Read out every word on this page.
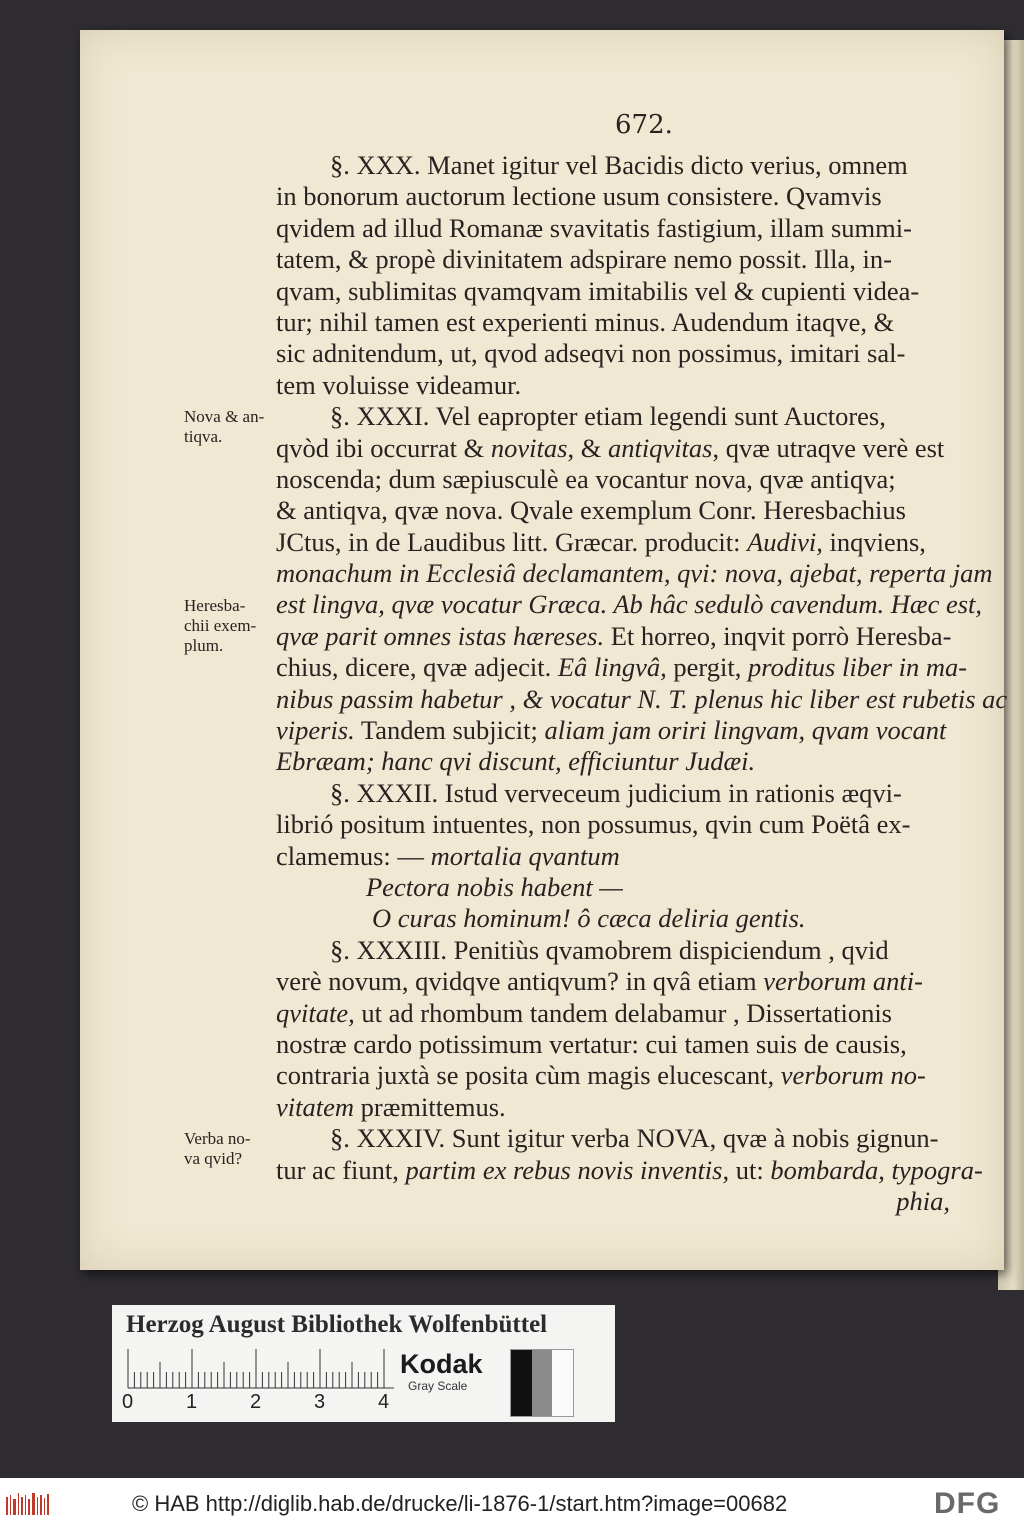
672.
§. XXX. Manet igitur vel Bacidis dicto verius, omnem
in bonorum auctorum lectione usum consistere. Qvamvis
qvidem ad illud Romanæ svavitatis fastigium, illam summi-
tatem, & propè divinitatem adspirare nemo possit. Illa, in-
qvam, sublimitas qvamqvam imitabilis vel & cupienti videa-
tur; nihil tamen est experienti minus. Audendum itaqve, &
sic adnitendum, ut, qvod adseqvi non possimus, imitari sal-
tem voluisse videamur.
§. XXXI. Vel eapropter etiam legendi sunt Auctores,
qvòd ibi occurrat & novitas, & antiqvitas, qvæ utraqve verè est
noscenda; dum sæpiusculè ea vocantur nova, qvæ antiqva;
& antiqva, qvæ nova. Qvale exemplum Conr. Heresbachius
JCtus, in de Laudibus litt. Græcar. producit: Audivi, inqviens,
monachum in Ecclesiâ declamantem, qvi: nova, ajebat, reperta jam
est lingva, qvæ vocatur Græca. Ab hâc sedulò cavendum. Hæc est,
qvæ parit omnes istas hæreses. Et horreo, inqvit porrò Heresba-
chius, dicere, qvæ adjecit. Eâ lingvâ, pergit, proditus liber in ma-
nibus passim habetur , & vocatur N. T. plenus hic liber est rubetis ac
viperis. Tandem subjicit; aliam jam oriri lingvam, qvam vocant
Ebræam; hanc qvi discunt, efficiuntur Judæi.
§. XXXII. Istud verveceum judicium in rationis æqvi-
librió positum intuentes, non possumus, qvin cum Poëtâ ex-
clamemus: — mortalia qvantum
Pectora nobis habent —
O curas hominum! ô cæca deliria gentis.
§. XXXIII. Penitiùs qvamobrem dispiciendum , qvid
verè novum, qvidqve antiqvum? in qvâ etiam verborum anti-
qvitate, ut ad rhombum tandem delabamur , Dissertationis
nostræ cardo potissimum vertatur: cui tamen suis de causis,
contraria juxtà se posita cùm magis elucescant, verborum no-
vitatem præmittemus.
§. XXXIV. Sunt igitur verba NOVA, qvæ à nobis gignun-
tur ac fiunt, partim ex rebus novis inventis, ut: bombarda, typogra-
phia,
Nova & an-
tiqva.
Heresba-
chii exem-
plum.
Verba no-
va qvid?
Herzog August Bibliothek Wolfenbüttel
0	1	2	3	4
Kodak
Gray Scale
© HAB http://diglib.hab.de/drucke/li-1876-1/start.htm?image=00682	DFG
